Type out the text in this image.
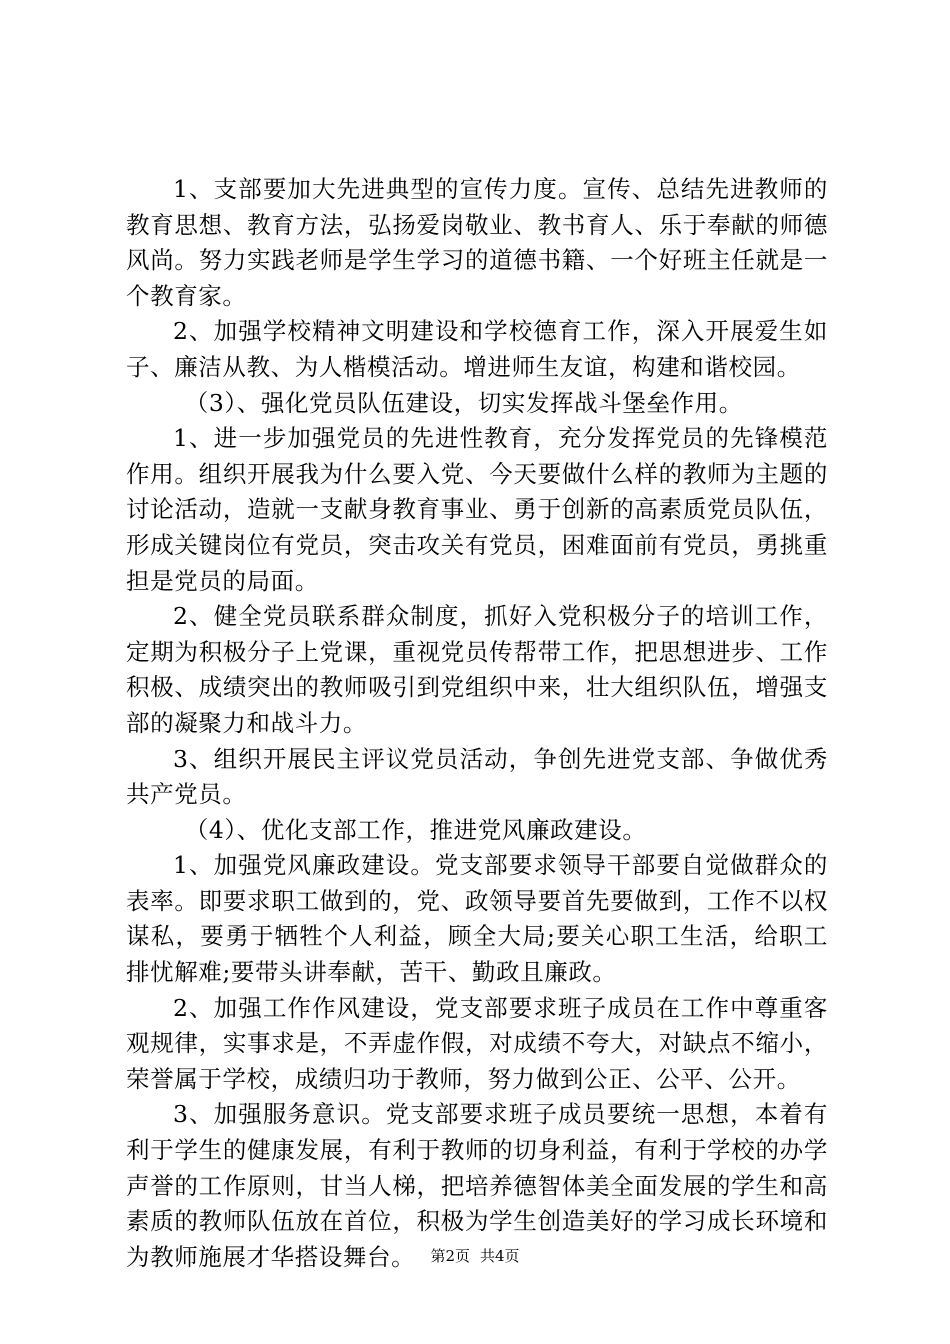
1、支部要加大先进典型的宣传力度。宣传、总结先进教师的教育思想、教育方法，弘扬爱岗敬业、教书育人、乐于奉献的师德风尚。努力实践老师是学生学习的道德书籍、一个好班主任就是一个教育家。

2、加强学校精神文明建设和学校德育工作，深入开展爱生如子、廉洁从教、为人楷模活动。增进师生友谊，构建和谐校园。

（3）、强化党员队伍建设，切实发挥战斗堡垒作用。

1、进一步加强党员的先进性教育，充分发挥党员的先锋模范作用。组织开展我为什么要入党、今天要做什么样的教师为主题的讨论活动，造就一支献身教育事业、勇于创新的高素质党员队伍，形成关键岗位有党员，突击攻关有党员，困难面前有党员，勇挑重担是党员的局面。

2、健全党员联系群众制度，抓好入党积极分子的培训工作，定期为积极分子上党课，重视党员传帮带工作，把思想进步、工作积极、成绩突出的教师吸引到党组织中来，壮大组织队伍，增强支部的凝聚力和战斗力。

3、组织开展民主评议党员活动，争创先进党支部、争做优秀共产党员。

（4）、优化支部工作，推进党风廉政建设。

1、加强党风廉政建设。党支部要求领导干部要自觉做群众的表率。即要求职工做到的，党、政领导要首先要做到，工作不以权谋私，要勇于牺牲个人利益，顾全大局;要关心职工生活，给职工排忧解难;要带头讲奉献，苦干、勤政且廉政。

2、加强工作作风建设，党支部要求班子成员在工作中尊重客观规律，实事求是，不弄虚作假，对成绩不夸大，对缺点不缩小，荣誉属于学校，成绩归功于教师，努力做到公正、公平、公开。

3、加强服务意识。党支部要求班子成员要统一思想，本着有利于学生的健康发展，有利于教师的切身利益，有利于学校的办学声誉的工作原则，甘当人梯，把培养德智体美全面发展的学生和高素质的教师队伍放在首位，积极为学生创造美好的学习成长环境和为教师施展才华搭设舞台。	第2页 共4页
